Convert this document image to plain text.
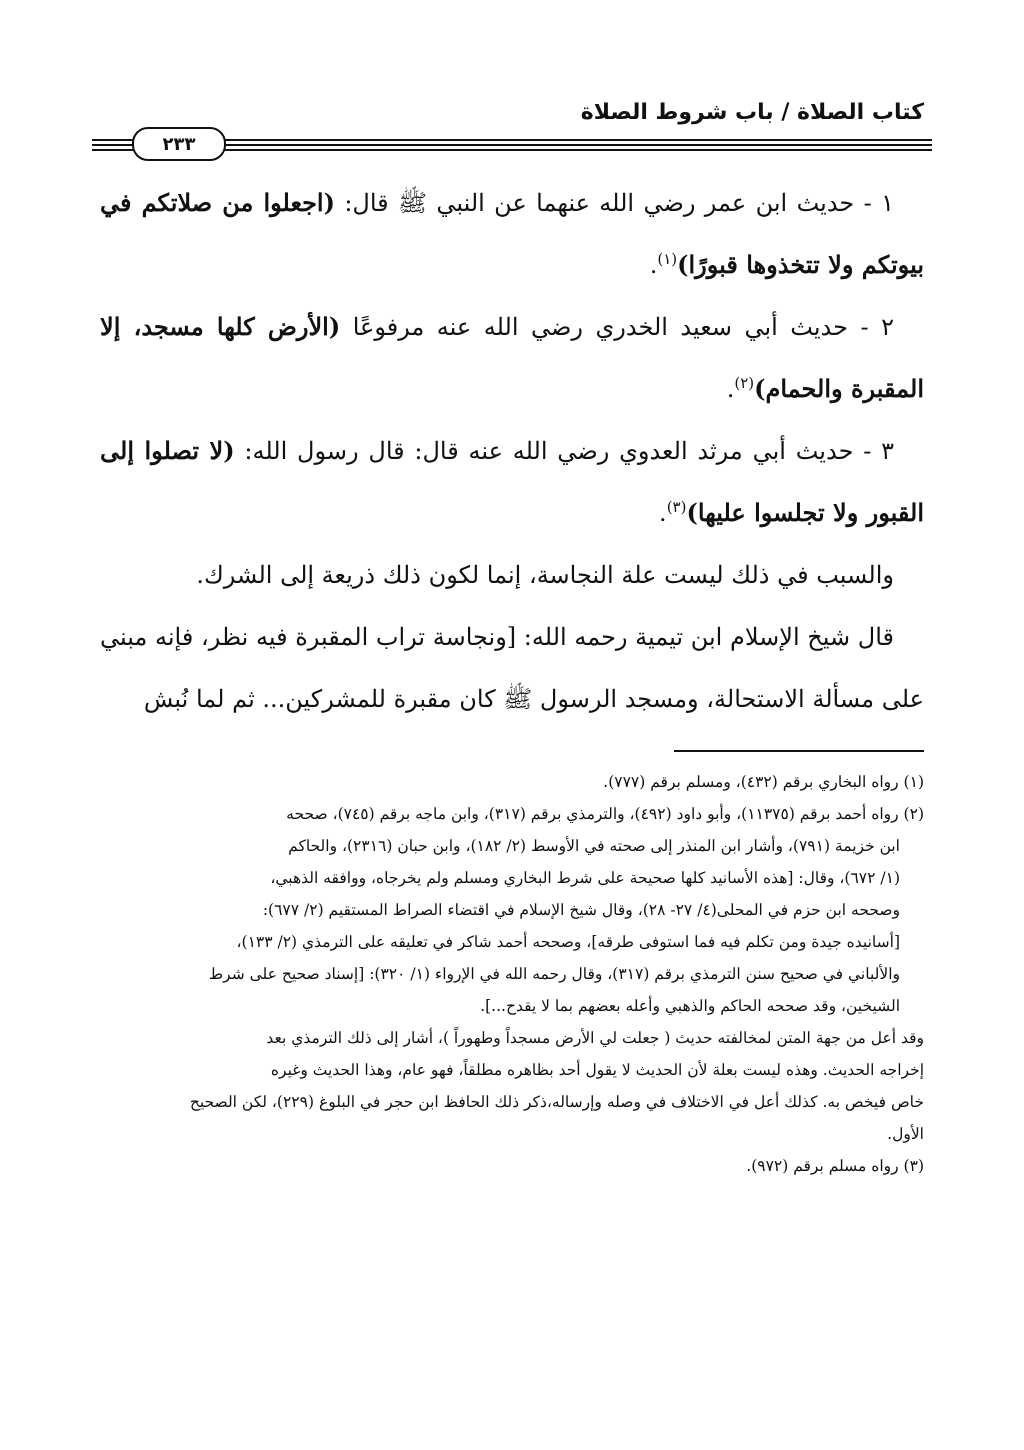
كتاب الصلاة / باب شروط الصلاة
٢٣٣

١ - حديث ابن عمر رضي الله عنهما عن النبي ﷺ قال: (اجعلوا من صلاتكم في بيوتكم ولا تتخذوها قبورًا)$^{(١)}$.

٢ - حديث أبي سعيد الخدري رضي الله عنه مرفوعًا (الأرض كلها مسجد، إلا المقبرة والحمام)$^{(٢)}$.

٣ - حديث أبي مرثد العدوي رضي الله عنه قال: قال رسول الله: (لا تصلوا إلى القبور ولا تجلسوا عليها)$^{(٣)}$.

والسبب في ذلك ليست علة النجاسة، إنما لكون ذلك ذريعة إلى الشرك.

قال شيخ الإسلام ابن تيمية رحمه الله: [ونجاسة تراب المقبرة فيه نظر، فإنه مبني على مسألة الاستحالة، ومسجد الرسول ﷺ كان مقبرة للمشركين... ثم لما نُبش

(١) رواه البخاري برقم (٤٣٢)، ومسلم برقم (٧٧٧).

(٢) رواه أحمد برقم (١١٣٧٥)، وأبو داود (٤٩٢)، والترمذي برقم (٣١٧)، وابن ماجه برقم (٧٤٥)، صححه

ابن خزيمة (٧٩١)، وأشار ابن المنذر إلى صحته في الأوسط (٢/ ١٨٢)، وابن حبان (٢٣١٦)، والحاكم

(١/ ٦٧٢)، وقال: [هذه الأسانيد كلها صحيحة على شرط البخاري ومسلم ولم يخرجاه، ووافقه الذهبي،

وصححه ابن حزم في المحلى(٤/ ٢٧- ٢٨)، وقال شيخ الإسلام في اقتضاء الصراط المستقيم (٢/ ٦٧٧):

[أسانيده جيدة ومن تكلم فيه فما استوفى طرقه]، وصححه أحمد شاكر في تعليقه على الترمذي (٢/ ١٣٣)،

والألباني في صحيح سنن الترمذي برقم (٣١٧)، وقال رحمه الله في الإرواء (١/ ٣٢٠): [إسناد صحيح على شرط

الشيخين، وقد صححه الحاكم والذهبي وأعله بعضهم بما لا يقدح...].

وقد أعل من جهة المتن لمخالفته حديث ( جعلت لي الأرض مسجداً وطهوراً )، أشار إلى ذلك الترمذي بعد

إخراجه الحديث. وهذه ليست بعلة لأن الحديث لا يقول أحد بظاهره مطلقاً، فهو عام، وهذا الحديث وغيره

خاص فيخص به. كذلك أعل في الاختلاف في وصله وإرساله،ذكر ذلك الحافظ ابن حجر في البلوغ (٢٢٩)، لكن الصحيح

الأول.

(٣) رواه مسلم برقم (٩٧٢).
